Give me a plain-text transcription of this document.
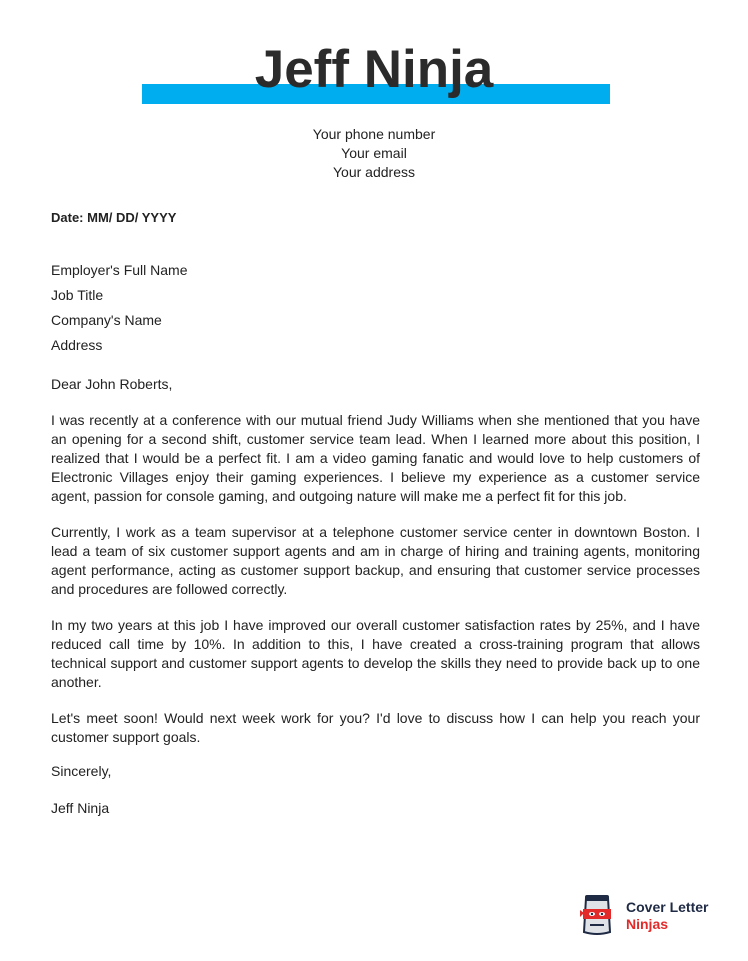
Jeff Ninja
Your phone number
Your email
Your address
Date: MM/ DD/ YYYY
Employer's Full Name
Job Title
Company's Name
Address
Dear John Roberts,

I was recently at a conference with our mutual friend Judy Williams when she mentioned that you have an opening for a second shift, customer service team lead. When I learned more about this position, I realized that I would be a perfect fit. I am a video gaming fanatic and would love to help customers of Electronic Villages enjoy their gaming experiences. I believe my experience as a customer service agent, passion for console gaming, and outgoing nature will make me a perfect fit for this job.

Currently, I work as a team supervisor at a telephone customer service center in downtown Boston. I lead a team of six customer support agents and am in charge of hiring and training agents, monitoring agent performance, acting as customer support backup, and ensuring that customer service processes and procedures are followed correctly.

In my two years at this job I have improved our overall customer satisfaction rates by 25%, and I have reduced call time by 10%. In addition to this, I have created a cross-training program that allows technical support and customer support agents to develop the skills they need to provide back up to one another.

Let's meet soon! Would next week work for you? I'd love to discuss how I can help you reach your customer support goals.

Sincerely,
Jeff Ninja
Cover Letter
Ninjas
